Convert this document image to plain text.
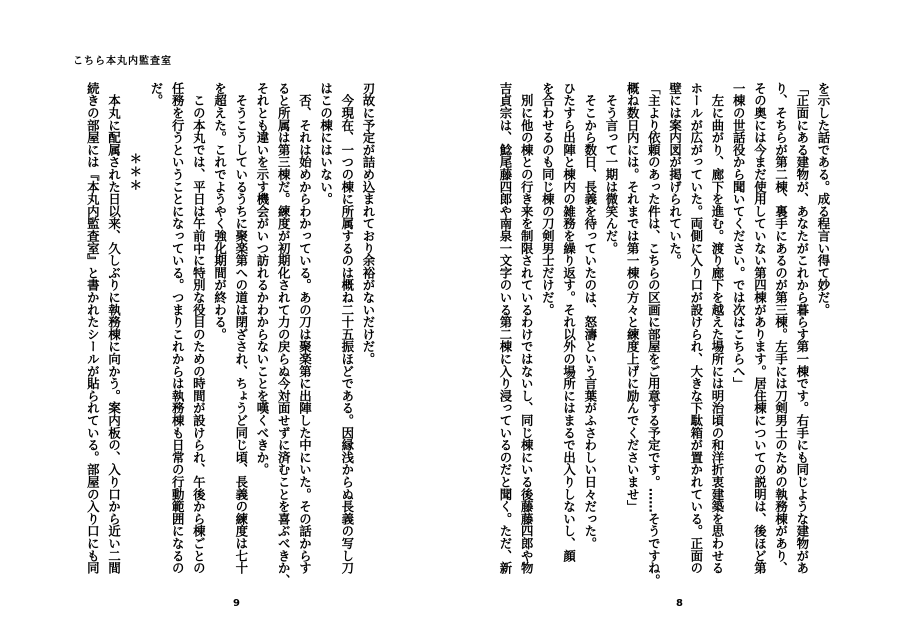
こちら本丸内監査室
刃故に予定が詰め込まれており余裕がないだけだ。
　今現在、一つの棟に所属するのは概ね二十五振ほどである。因縁浅からぬ長義の写し刀
はこの棟にはいない。
　否、それは始めからわかっている。あの刀は聚楽第に出陣した中にいた。その話からす
ると所属は第三棟だ。練度が初期化されて力の戻らぬ今対面せずに済むことを喜ぶべきか、
それとも違いを示す機会がいつ訪れるかわからないことを嘆くべきか。
　そうこうしているうちに聚楽第への道は閉ざされ、ちょうど同じ頃、長義の練度は七十
を超えた。これでようやく強化期間が終わる。
　この本丸では、平日は午前中に特別な役目のための時間が設けられ、午後から棟ごとの
任務を行うということになっている。つまりこれからは執務棟も日常の行動範囲になるの
だ。
＊＊＊
　本丸に配属された日以来、久しぶりに執務棟に向かう。案内板の、入り口から近い二間
続きの部屋には『本丸内監査室』と書かれたシールが貼られている。部屋の入り口にも同	を示した話である。成る程言い得て妙だ。
「正面にある建物が、あなたがこれから暮らす第一棟です。右手にも同じような建物があ
り、そちらが第二棟、裏手にあるのが第三棟。左手には刀剣男士のための執務棟があり、
その奥には今まだ使用していない第四棟があります。居住棟についての説明は、後ほど第
一棟の世話役から聞いてください。では次はこちらへ」
　左に曲がり、廊下を進む。渡り廊下を越えた場所には明治頃の和洋折衷建築を思わせる
ホールが広がっていた。両側に入り口が設けられ、大きな下駄箱が置かれている。正面の
壁には案内図が掲げられていた。
「主より依頼のあった件は、こちらの区画に部屋をご用意する予定です。……そうですね。
概ね数日内には。それまでは第一棟の方々と練度上げに励んでくださいませ」
　そう言って一期は微笑んだ。
　そこから数日、長義を待っていたのは、怒濤という言葉がふさわしい日々だった。
ひたすら出陣と棟内の雑務を繰り返す。それ以外の場所にはまるで出入りしないし、顔
を合わせるのも同じ棟の刀剣男士だけだ。
　別に他の棟との行き来を制限されているわけではないし、同じ棟にいる後藤藤四郎や物
吉貞宗は、鯰尾藤四郎や南泉一文字のいる第二棟に入り浸っているのだと聞く。ただ、新
9	8
